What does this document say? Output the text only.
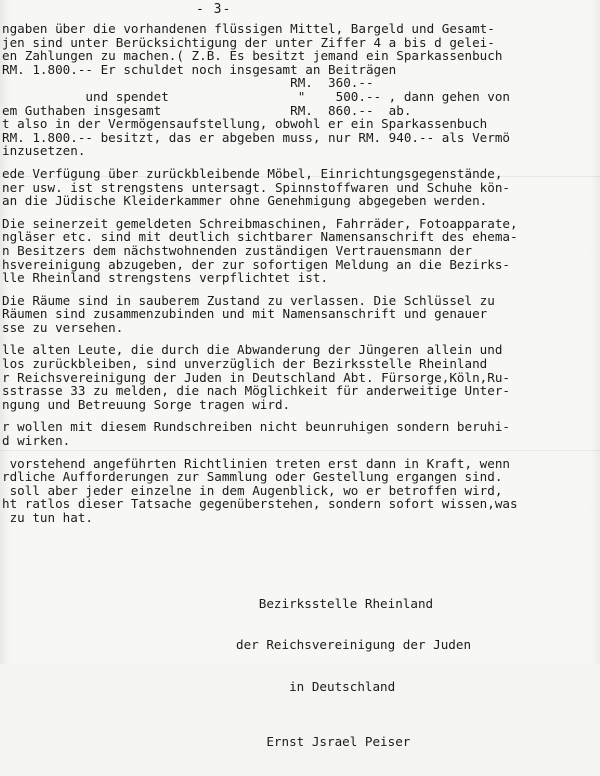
- 3-
ngaben über die vorhandenen flüssigen Mittel, Bargeld und Gesamt-
jen sind unter Berücksichtigung der unter Ziffer 4 a bis d gelei-
en Zahlungen zu machen.( Z.B. Es besitzt jemand ein Sparkassenbuch
RM. 1.800.-- Er schuldet noch insgesamt an Beiträgen
RM.  360.--
und spendet                 "    500.-- , dann gehen von
em Guthaben insgesamt                 RM.  860.--  ab.
t also in der Vermögensaufstellung, obwohl er ein Sparkassenbuch
RM. 1.800.-- besitzt, das er abgeben muss, nur RM. 940.-- als Vermö
inzusetzen.
ede Verfügung über zurückbleibende Möbel, Einrichtungsgegenstände,
ner usw. ist strengstens untersagt. Spinnstoffwaren und Schuhe kön-
an die Jüdische Kleiderkammer ohne Genehmigung abgegeben werden.
Die seinerzeit gemeldeten Schreibmaschinen, Fahrräder, Fotoapparate,
ngläser etc. sind mit deutlich sichtbarer Namensanschrift des ehema-
n Besitzers dem nächstwohnenden zuständigen Vertrauensmann der
hsvereinigung abzugeben, der zur sofortigen Meldung an die Bezirks-
lle Rheinland strengstens verpflichtet ist.
Die Räume sind in sauberem Zustand zu verlassen. Die Schlüssel zu
Räumen sind zusammenzubinden und mit Namensanschrift und genauer
sse zu versehen.
lle alten Leute, die durch die Abwanderung der Jüngeren allein und
los zurückbleiben, sind unverzüglich der Bezirksstelle Rheinland
r Reichsvereinigung der Juden in Deutschland Abt. Fürsorge,Köln,Ru-
sstrasse 33 zu melden, die nach Möglichkeit für anderweitige Unter-
ngung und Betreuung Sorge tragen wird.
r wollen mit diesem Rundschreiben nicht beunruhigen sondern beruhi-
d wirken.
vorstehend angeführten Richtlinien treten erst dann in Kraft, wenn
rdliche Aufforderungen zur Sammlung oder Gestellung ergangen sind.
soll aber jeder einzelne in dem Augenblick, wo er betroffen wird,
ht ratlos dieser Tatsache gegenüberstehen, sondern sofort wissen,was
zu tun hat.

Bezirksstelle Rheinland

der Reichsvereinigung der Juden

in Deutschland

Ernst Jsrael Peiser
